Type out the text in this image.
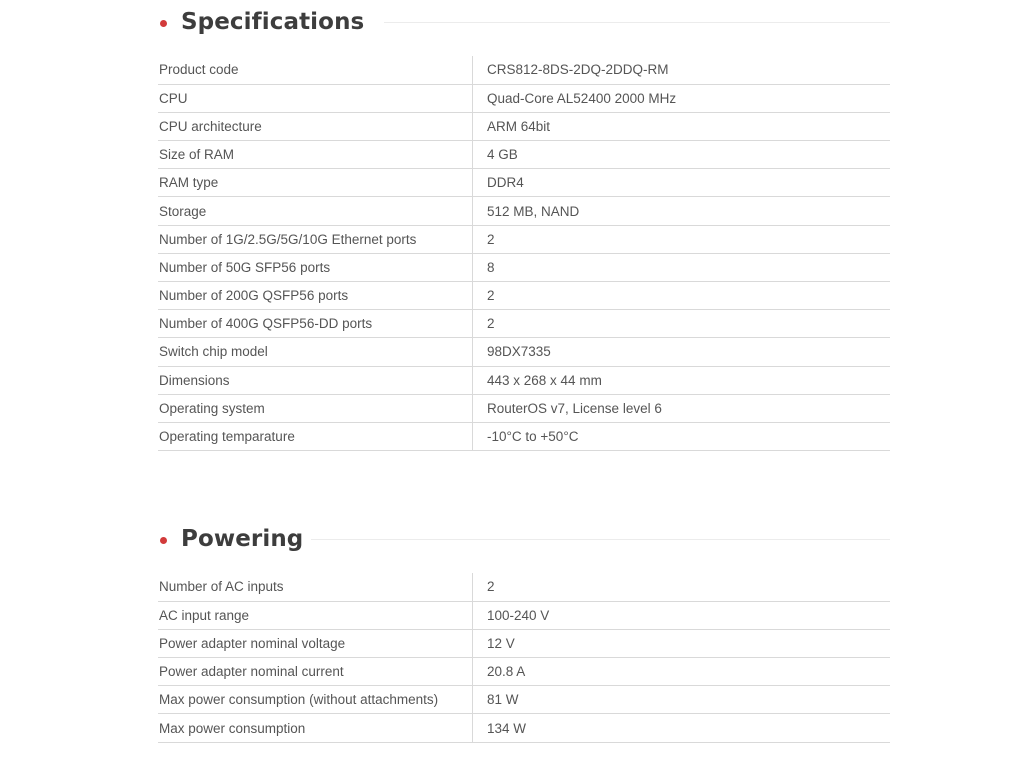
Specifications
Product code	CRS812-8DS-2DQ-2DDQ-RM
CPU	Quad-Core AL52400 2000 MHz
CPU architecture	ARM 64bit
Size of RAM	4 GB
RAM type	DDR4
Storage	512 MB, NAND
Number of 1G/2.5G/5G/10G Ethernet ports	2
Number of 50G SFP56 ports	8
Number of 200G QSFP56 ports	2
Number of 400G QSFP56-DD ports	2
Switch chip model	98DX7335
Dimensions	443 x 268 x 44 mm
Operating system	RouterOS v7, License level 6
Operating temparature	-10°C to +50°C
Powering
Number of AC inputs	2
AC input range	100-240 V
Power adapter nominal voltage	12 V
Power adapter nominal current	20.8 A
Max power consumption (without attachments)	81 W
Max power consumption	134 W
